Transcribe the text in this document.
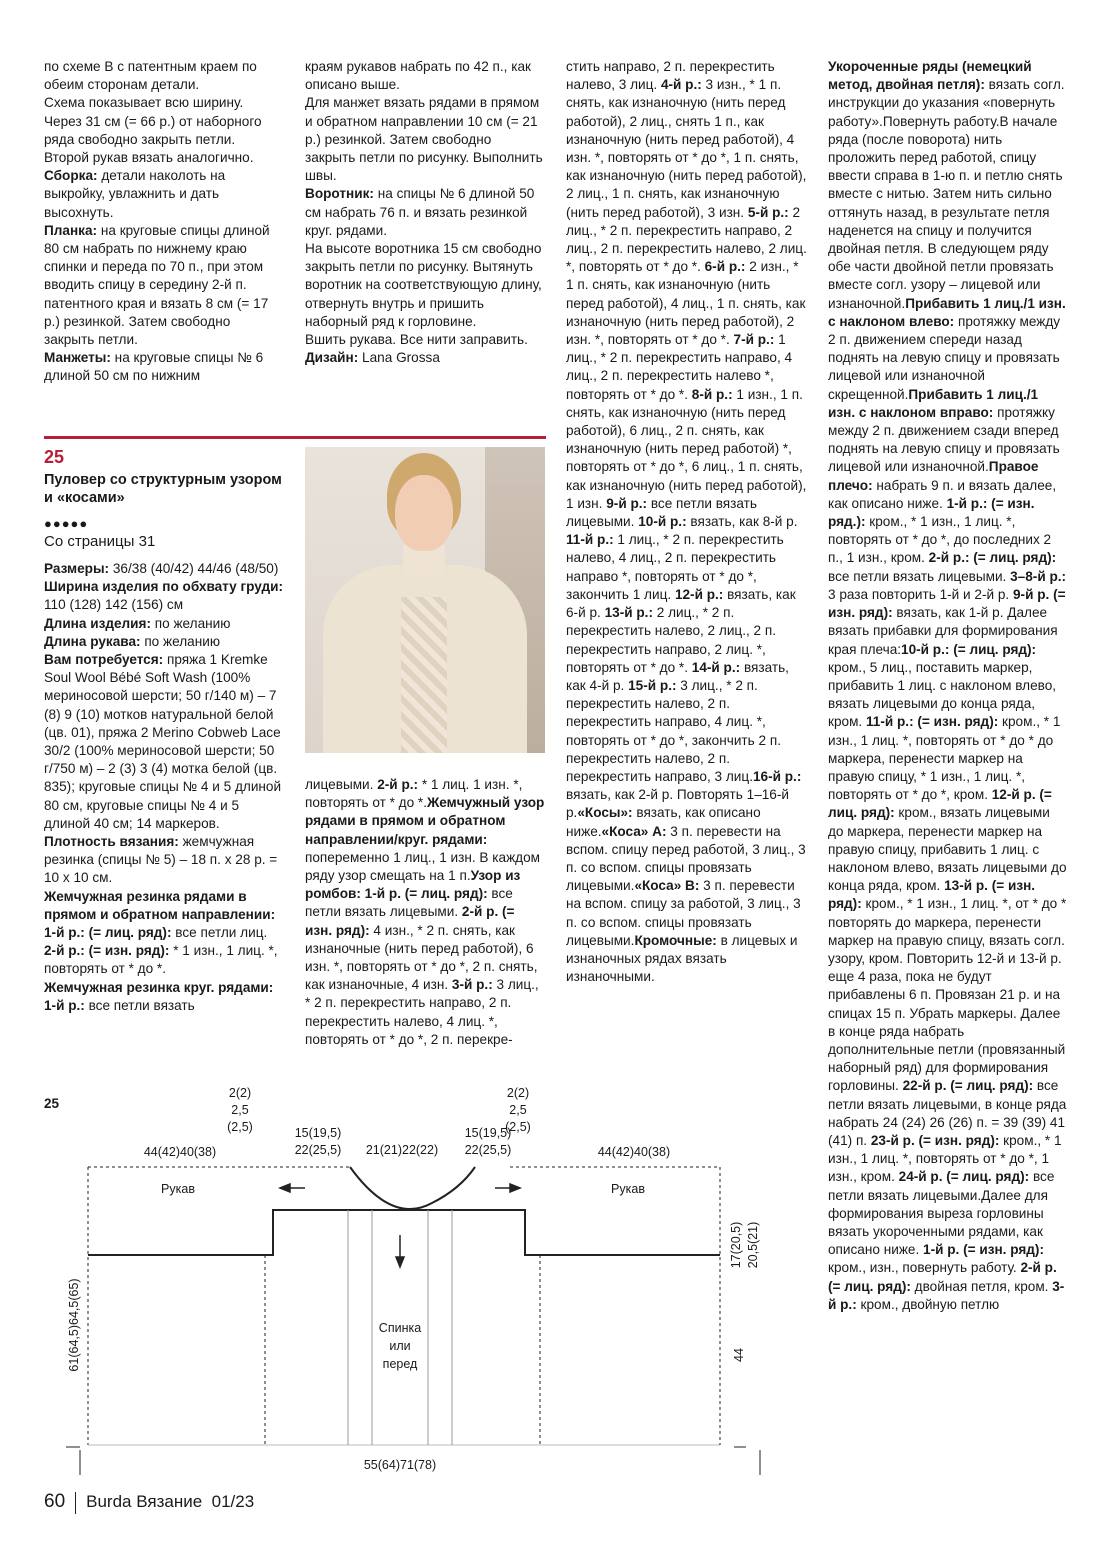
по схеме В с патентным краем по обеим сторонам детали.

Схема показывает всю ширину. Через 31 см (= 66 р.) от наборного ряда свободно закрыть петли.

Второй рукав вязать аналогично.

Сборка: детали наколоть на выкройку, увлажнить и дать высохнуть.

Планка: на круговые спицы длиной 80 см набрать по нижнему краю спинки и переда по 70 п., при этом вводить спицу в середину 2-й п. патентного края и вязать 8 см (= 17 р.) резинкой. Затем свободно закрыть петли.

Манжеты: на круговые спицы № 6 длиной 50 см по нижним

краям рукавов набрать по 42 п., как описано выше.

Для манжет вязать рядами в прямом и обратном направлении 10 см (= 21 р.) резинкой. Затем свободно закрыть петли по рисунку. Выполнить швы.

Воротник: на спицы № 6 длиной 50 см набрать 76 п. и вязать резинкой круг. рядами.

На высоте воротника 15 см свободно закрыть петли по рисунку. Вытянуть воротник на соответствующую длину, отвернуть внутрь и пришить наборный ряд к горловине.

Вшить рукава. Все нити заправить.

Дизайн: Lana Grossa

стить направо, 2 п. перекрестить налево, 3 лиц.

4-й р.: 3 изн., * 1 п. снять, как изнаночную (нить перед работой), 2 лиц., снять 1 п., как изнаночную (нить перед работой), 4 изн. *, повторять от * до *, 1 п. снять, как изнаночную (нить перед работой), 2 лиц., 1 п. снять, как изнаночную (нить перед работой), 3 изн.

5-й р.: 2 лиц., * 2 п. перекрестить направо, 2 лиц., 2 п. перекрестить налево, 2 лиц. *, повторять от * до *.

6-й р.: 2 изн., * 1 п. снять, как изнаночную (нить перед работой), 4 лиц., 1 п. снять, как изнаночную (нить перед работой), 2 изн. *, повторять от * до *.

7-й р.: 1 лиц., * 2 п. перекрестить направо, 4 лиц., 2 п. перекрестить налево *, повторять от * до *.

8-й р.: 1 изн., 1 п. снять, как изнаночную (нить перед работой), 6 лиц., 2 п. снять, как изнаночную (нить перед работой) *, повторять от * до *, 6 лиц., 1 п. снять, как изнаночную (нить перед работой), 1 изн.

9-й р.: все петли вязать лицевыми.

10-й р.: вязать, как 8-й р.

11-й р.: 1 лиц., * 2 п. перекрестить налево, 4 лиц., 2 п. перекрестить направо *, повторять от * до *, закончить 1 лиц.

12-й р.: вязать, как 6-й р.

13-й р.: 2 лиц., * 2 п. перекрестить налево, 2 лиц., 2 п. перекрестить направо, 2 лиц. *, повторять от * до *.

14-й р.: вязать, как 4-й р.

15-й р.: 3 лиц., * 2 п. перекрестить налево, 2 п. перекрестить направо, 4 лиц. *, повторять от * до *, закончить 2 п. перекрестить налево, 2 п. перекрестить направо, 3 лиц.

16-й р.: вязать, как 2-й р. Повторять 1–16-й р.

«Косы»: вязать, как описано ниже.

«Коса» А: 3 п. перевести на вспом. спицу перед работой, 3 лиц., 3 п. со вспом. спицы провязать лицевыми.

«Коса» В: 3 п. перевести на вспом. спицу за работой, 3 лиц., 3 п. со вспом. спицы провязать лицевыми.

Кромочные: в лицевых и изнаночных рядах вязать изнаночными.

Укороченные ряды (немецкий метод, двойная петля): вязать согл. инструкции до указания «повернуть работу».

Повернуть работу.

В начале ряда (после поворота) нить проложить перед работой, спицу ввести справа в 1-ю п. и петлю снять вместе с нитью. Затем нить сильно оттянуть назад, в результате петля наденется на спицу и получится двойная петля. В следующем ряду обе части двойной петли провязать вместе согл. узору – лицевой или изнаночной.

Прибавить 1 лиц./1 изн. с наклоном влево: протяжку между 2 п. движением спереди назад поднять на левую спицу и провязать лицевой или изнаночной скрещенной.

Прибавить 1 лиц./1 изн. с наклоном вправо: протяжку между 2 п. движением сзади вперед поднять на левую спицу и провязать лицевой или изнаночной.

Правое плечо: набрать 9 п. и вязать далее, как описано ниже.

1-й р.: (= изн. ряд.): кром., * 1 изн., 1 лиц. *, повторять от * до *, до последних 2 п., 1 изн., кром.

2-й р.: (= лиц. ряд): все петли вязать лицевыми.

3–8-й р.: 3 раза повторить 1-й и 2-й р.

9-й р. (= изн. ряд): вязать, как 1-й р. Далее вязать прибавки для формирования края плеча:

10-й р.: (= лиц. ряд): кром., 5 лиц., поставить маркер, прибавить 1 лиц. с наклоном влево, вязать лицевыми до конца ряда, кром.

11-й р.: (= изн. ряд): кром., * 1 изн., 1 лиц. *, повторять от * до * до маркера, перенести маркер на правую спицу, * 1 изн., 1 лиц. *, повторять от * до *, кром.

12-й р. (= лиц. ряд): кром., вязать лицевыми до маркера, перенести маркер на правую спицу, прибавить 1 лиц. с наклоном влево, вязать лицевыми до конца ряда, кром.

13-й р. (= изн. ряд): кром., * 1 изн., 1 лиц. *, от * до * повторять до маркера, перенести маркер на правую спицу, вязать согл. узору, кром. Повторить 12-й и 13-й р. еще 4 раза, пока не будут прибавлены 6 п. Провязан 21 р. и на спицах 15 п. Убрать маркеры. Далее в конце ряда набрать дополнительные петли (провязанный наборный ряд) для формирования горловины.

22-й р. (= лиц. ряд): все петли вязать лицевыми, в конце ряда набрать 24 (24) 26 (26) п. = 39 (39) 41 (41) п.

23-й р. (= изн. ряд): кром., * 1 изн., 1 лиц. *, повторять от * до *, 1 изн., кром.

24-й р. (= лиц. ряд): все петли вязать лицевыми.

Далее для формирования выреза горловины вязать укороченными рядами, как описано ниже.

1-й р. (= изн. ряд): кром., изн., повернуть работу.

2-й р. (= лиц. ряд): двойная петля, кром.

3-й р.: кром., двойную петлю

25
Пуловер со структурным узором и «косами»
●●●●●
Со страницы 31

Размеры: 36/38 (40/42) 44/46 (48/50)

Ширина изделия по обхвату груди: 110 (128) 142 (156) см

Длина изделия: по желанию

Длина рукава: по желанию

Вам потребуется: пряжа 1 Kremke Soul Wool Bébé Soft Wash (100% мериносовой шерсти; 50 г/140 м) – 7 (8) 9 (10) мотков натуральной белой (цв. 01), пряжа 2 Merino Cobweb Lace 30/2 (100% мериносовой шерсти; 50 г/750 м) – 2 (3) 3 (4) мотка белой (цв. 835); круговые спицы № 4 и 5 длиной 80 см, круговые спицы № 4 и 5 длиной 40 см; 14 маркеров.

Плотность вязания: жемчужная резинка (спицы № 5) – 18 п. x 28 р. = 10 x 10 см.

Жемчужная резинка рядами в прямом и обратном направлении: 1-й р.: (= лиц. ряд): все петли лиц.

2-й р.: (= изн. ряд): * 1 изн., 1 лиц. *, повторять от * до *.

Жемчужная резинка круг. рядами: 1-й р.: все петли вязать

лицевыми.

2-й р.: * 1 лиц. 1 изн. *, повторять от * до *.

Жемчужный узор рядами в прямом и обратном направлении/круг. рядами: попеременно 1 лиц., 1 изн. В каждом ряду узор смещать на 1 п.

Узор из ромбов: 1-й р. (= лиц. ряд): все петли вязать лицевыми.

2-й р. (= изн. ряд): 4 изн., * 2 п. снять, как изнаночные (нить перед работой), 6 изн. *, повторять от * до *, 2 п. снять, как изнаночные, 4 изн.

3-й р.: 3 лиц., * 2 п. перекрестить направо, 2 п. перекрестить налево, 4 лиц. *, повторять от * до *, 2 п. перекре-

25
2(2)
2,5
(2,5)
2(2)
2,5
(2,5)
44(42)40(38)	44(42)40(38)
15(19,5)
22(25,5)
15(19,5)
22(25,5)
21(21)22(22)
Рукав	Рукав
Спинка
или
перед
55(64)71(78)
17(20,5) 20,5(21)
44
61(64,5)64,5(65)
60 Burda Вязание 01/23
